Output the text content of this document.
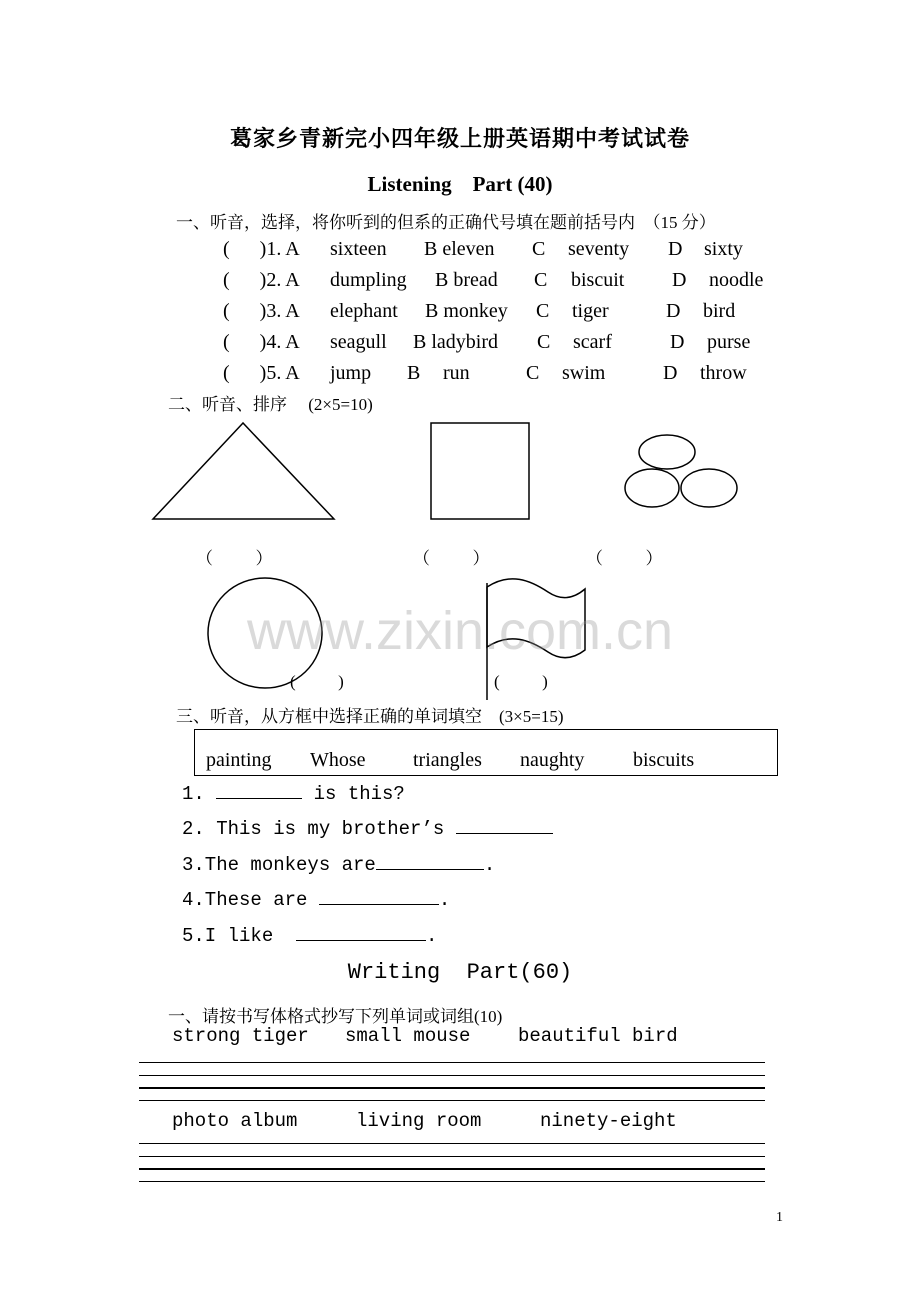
葛家乡青新完小四年级上册英语期中考试试卷
Listening    Part (40)
一、听音，选择，将你听到的但系的正确代号填在题前括号内  （15 分）
(      )1. A sixteen B eleven C seventy D sixty
(      )2. A dumpling B bread C biscuit D noodle
(      )3. A elephant B monkey C tiger	D bird
(      )4. A seagull B ladybird C scarf	D purse
(      )5. A jump B run	C swim	D throw
二、听音、排序     (2×5=10)
（          ）	（          ）	（          ）
(          )	(          )
www.zixin.com.cn
三、听音，从方框中选择正确的单词填空    (3×5=15)

painting

Whose

triangles

naughty

biscuits

1.	is this?
2. This is my brother’s
3.The monkeys are	.
4.These are	.
5.I like	.
Writing  Part(60)
一、请按书写体格式抄写下列单词或词组(10)
strong tiger small mouse	beautiful bird
photo album	living room	ninety-eight
1
